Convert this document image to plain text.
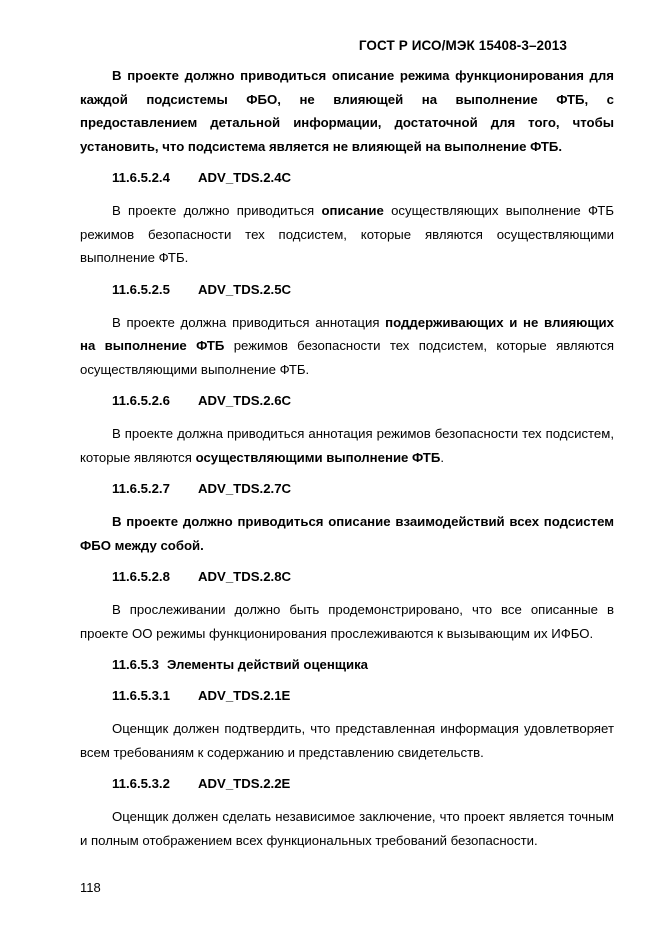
ГОСТ Р ИСО/МЭК 15408-3–2013

В проекте должно приводиться описание режима функционирования для каждой подсистемы ФБО, не влияющей на выполнение ФТБ, с предоставлением детальной информации, достаточной для того, чтобы установить, что подсистема является не влияющей на выполнение ФТБ.

11.6.5.2.4 ADV_TDS.2.4C

В проекте должно приводиться описание осуществляющих выполнение ФТБ режимов безопасности тех подсистем, которые являются осуществляющими выполнение ФТБ.

11.6.5.2.5 ADV_TDS.2.5C

В проекте должна приводиться аннотация поддерживающих и не влияющих на выполнение ФТБ режимов безопасности тех подсистем, которые являются осуществляющими выполнение ФТБ.

11.6.5.2.6 ADV_TDS.2.6C

В проекте должна приводиться аннотация режимов безопасности тех подсистем, которые являются осуществляющими выполнение ФТБ.

11.6.5.2.7 ADV_TDS.2.7C

В проекте должно приводиться описание взаимодействий всех подсистем ФБО между собой.

11.6.5.2.8 ADV_TDS.2.8C

В прослеживании должно быть продемонстрировано, что все описанные в проекте ОО режимы функционирования прослеживаются к вызывающим их ИФБО.

11.6.5.3 Элементы действий оценщика
11.6.5.3.1 ADV_TDS.2.1E

Оценщик должен подтвердить, что представленная информация удовлетворяет всем требованиям к содержанию и представлению свидетельств.

11.6.5.3.2 ADV_TDS.2.2E

Оценщик должен сделать независимое заключение, что проект является точным и полным отображением всех функциональных требований безопасности.

118
